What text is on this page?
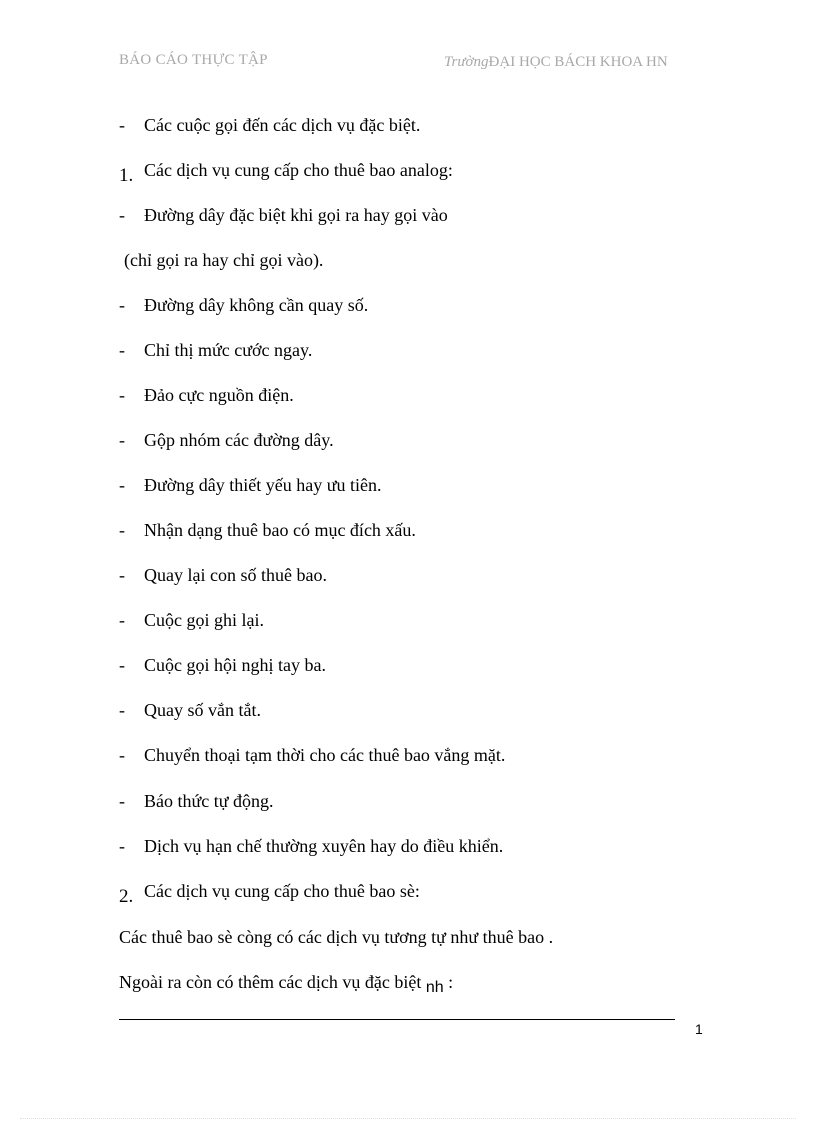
BÁO CÁO THỰC TẬP	TrườngĐẠI HỌC BÁCH KHOA HN
- Các cuộc gọi đến các dịch vụ đặc biệt.
1. Các dịch vụ cung cấp cho thuê bao analog:
- Đường dây đặc biệt khi gọi ra hay gọi vào
(chỉ gọi ra hay chỉ gọi vào).
- Đường dây không cần quay số.
- Chỉ thị mức cước ngay.
- Đảo cực nguồn điện.
- Gộp nhóm các đường dây.
- Đường dây thiết yếu hay ưu tiên.
- Nhận dạng thuê bao có mục đích xấu.
- Quay lại con số thuê bao.
- Cuộc gọi ghi lại.
- Cuộc gọi hội nghị tay ba.
- Quay số vắn tắt.
- Chuyển thoại tạm thời cho các thuê bao vắng mặt.
- Báo thức tự động.
- Dịch vụ hạn chế thường xuyên hay do điều khiển.
2. Các dịch vụ cung cấp cho thuê bao sè:
Các thuê bao sè còng có các dịch vụ tương tự như thuê bao .
Ngoài ra còn có thêm các dịch vụ đặc biệt nh :
1
